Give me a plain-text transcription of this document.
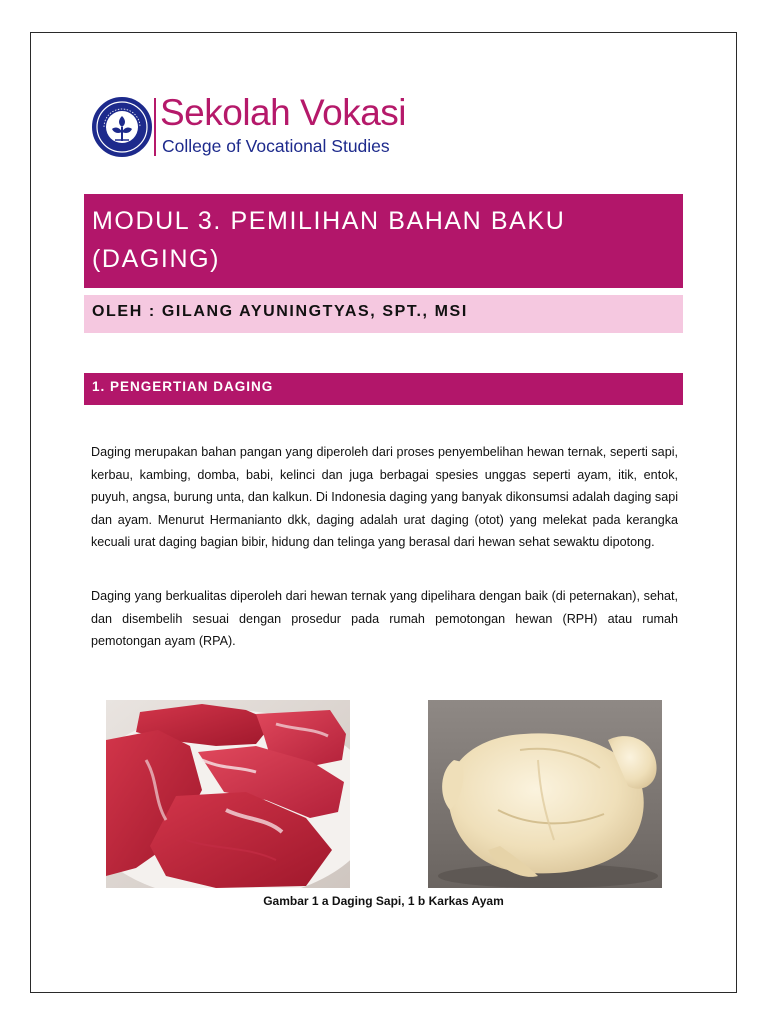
Sekolah Vokasi
College of Vocational Studies
MODUL 3. PEMILIHAN BAHAN BAKU
(DAGING)
OLEH : GILANG AYUNINGTYAS, SPT., MSI
1. PENGERTIAN DAGING

Daging merupakan bahan pangan yang diperoleh dari proses penyembelihan hewan ternak, seperti sapi, kerbau, kambing, domba, babi, kelinci dan juga berbagai spesies unggas seperti ayam, itik, entok, puyuh, angsa, burung unta, dan kalkun. Di Indonesia daging yang banyak dikonsumsi adalah daging sapi dan ayam. Menurut Hermanianto dkk, daging adalah urat daging (otot) yang melekat pada kerangka kecuali urat daging bagian bibir, hidung dan telinga yang berasal dari hewan sehat sewaktu dipotong.

Daging yang berkualitas diperoleh dari hewan ternak yang dipelihara dengan baik (di peternakan), sehat, dan disembelih sesuai dengan prosedur pada rumah pemotongan hewan (RPH) atau rumah pemotongan ayam (RPA).

Gambar 1 a Daging Sapi, 1 b Karkas Ayam
